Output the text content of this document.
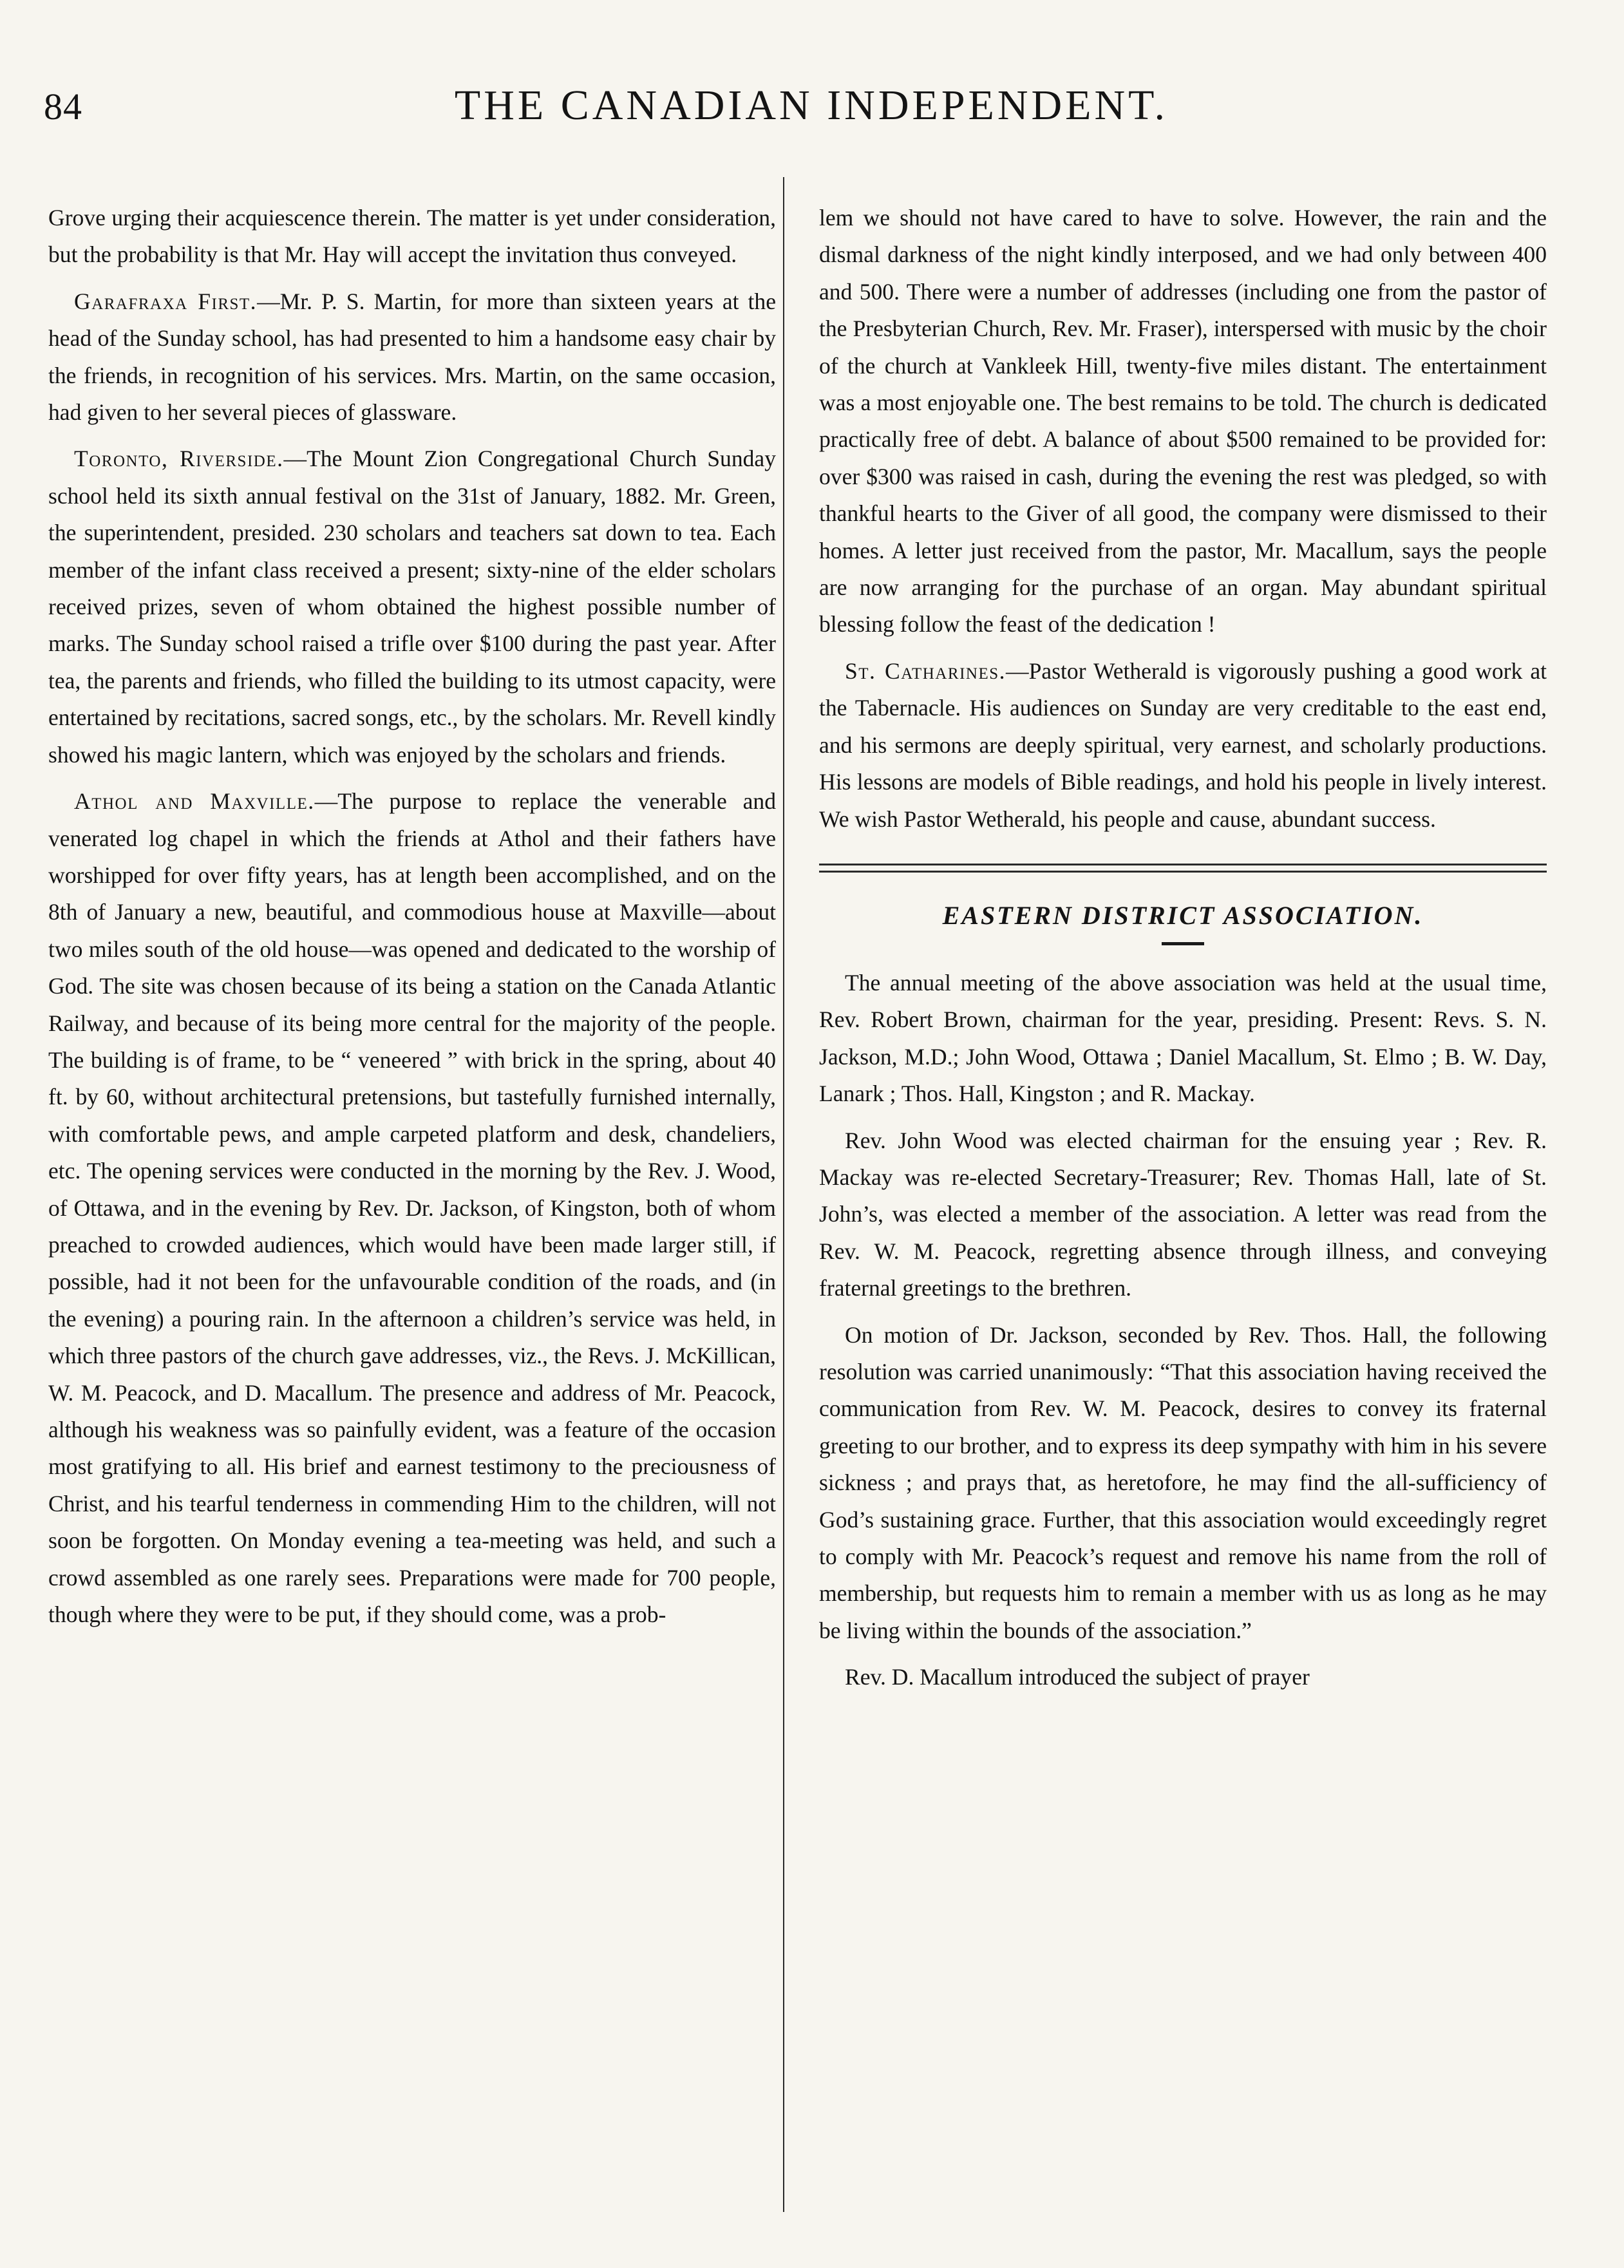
84	THE CANADIAN INDEPENDENT.

Grove urging their acquiescence therein. The matter is yet under consideration, but the probability is that Mr. Hay will accept the invitation thus conveyed.

Garafraxa First.—Mr. P. S. Martin, for more than sixteen years at the head of the Sunday school, has had presented to him a handsome easy chair by the friends, in recognition of his services. Mrs. Martin, on the same occasion, had given to her several pieces of glassware.

Toronto, Riverside.—The Mount Zion Congregational Church Sunday school held its sixth annual festival on the 31st of January, 1882. Mr. Green, the superintendent, presided. 230 scholars and teachers sat down to tea. Each member of the infant class received a present; sixty-nine of the elder scholars received prizes, seven of whom obtained the highest possible number of marks. The Sunday school raised a trifle over $100 during the past year. After tea, the parents and friends, who filled the building to its utmost capacity, were entertained by recitations, sacred songs, etc., by the scholars. Mr. Revell kindly showed his magic lantern, which was enjoyed by the scholars and friends.

Athol and Maxville.—The purpose to replace the venerable and venerated log chapel in which the friends at Athol and their fathers have worshipped for over fifty years, has at length been accomplished, and on the 8th of January a new, beautiful, and commodious house at Maxville—about two miles south of the old house—was opened and dedicated to the worship of God. The site was chosen because of its being a station on the Canada Atlantic Railway, and because of its being more central for the majority of the people. The building is of frame, to be “ veneered ” with brick in the spring, about 40 ft. by 60, without architectural pretensions, but tastefully furnished internally, with comfortable pews, and ample carpeted platform and desk, chandeliers, etc. The opening services were conducted in the morning by the Rev. J. Wood, of Ottawa, and in the evening by Rev. Dr. Jackson, of Kingston, both of whom preached to crowded audiences, which would have been made larger still, if possible, had it not been for the unfavourable condition of the roads, and (in the evening) a pouring rain. In the afternoon a children’s service was held, in which three pastors of the church gave addresses, viz., the Revs. J. McKillican, W. M. Peacock, and D. Macallum. The presence and address of Mr. Peacock, although his weakness was so painfully evident, was a feature of the occasion most gratifying to all. His brief and earnest testimony to the preciousness of Christ, and his tearful tenderness in commending Him to the children, will not soon be forgotten. On Monday evening a tea-meeting was held, and such a crowd assembled as one rarely sees. Preparations were made for 700 people, though where they were to be put, if they should come, was a prob-

lem we should not have cared to have to solve. However, the rain and the dismal darkness of the night kindly interposed, and we had only between 400 and 500. There were a number of addresses (including one from the pastor of the Presbyterian Church, Rev. Mr. Fraser), interspersed with music by the choir of the church at Vankleek Hill, twenty-five miles distant. The entertainment was a most enjoyable one. The best remains to be told. The church is dedicated practically free of debt. A balance of about $500 remained to be provided for: over $300 was raised in cash, during the evening the rest was pledged, so with thankful hearts to the Giver of all good, the company were dismissed to their homes. A letter just received from the pastor, Mr. Macallum, says the people are now arranging for the purchase of an organ. May abundant spiritual blessing follow the feast of the dedication !

St. Catharines.—Pastor Wetherald is vigorously pushing a good work at the Tabernacle. His audiences on Sunday are very creditable to the east end, and his sermons are deeply spiritual, very earnest, and scholarly productions. His lessons are models of Bible readings, and hold his people in lively interest. We wish Pastor Wetherald, his people and cause, abundant success.

EASTERN DISTRICT ASSOCIATION.

The annual meeting of the above association was held at the usual time, Rev. Robert Brown, chairman for the year, presiding. Present: Revs. S. N. Jackson, M.D.; John Wood, Ottawa ; Daniel Macallum, St. Elmo ; B. W. Day, Lanark ; Thos. Hall, Kingston ; and R. Mackay.

Rev. John Wood was elected chairman for the ensuing year ; Rev. R. Mackay was re-elected Secretary-Treasurer; Rev. Thomas Hall, late of St. John’s, was elected a member of the association. A letter was read from the Rev. W. M. Peacock, regretting absence through illness, and conveying fraternal greetings to the brethren.

On motion of Dr. Jackson, seconded by Rev. Thos. Hall, the following resolution was carried unanimously: “That this association having received the communication from Rev. W. M. Peacock, desires to convey its fraternal greeting to our brother, and to express its deep sympathy with him in his severe sickness ; and prays that, as heretofore, he may find the all-sufficiency of God’s sustaining grace. Further, that this association would exceedingly regret to comply with Mr. Peacock’s request and remove his name from the roll of membership, but requests him to remain a member with us as long as he may be living within the bounds of the association.”

Rev. D. Macallum introduced the subject of prayer
